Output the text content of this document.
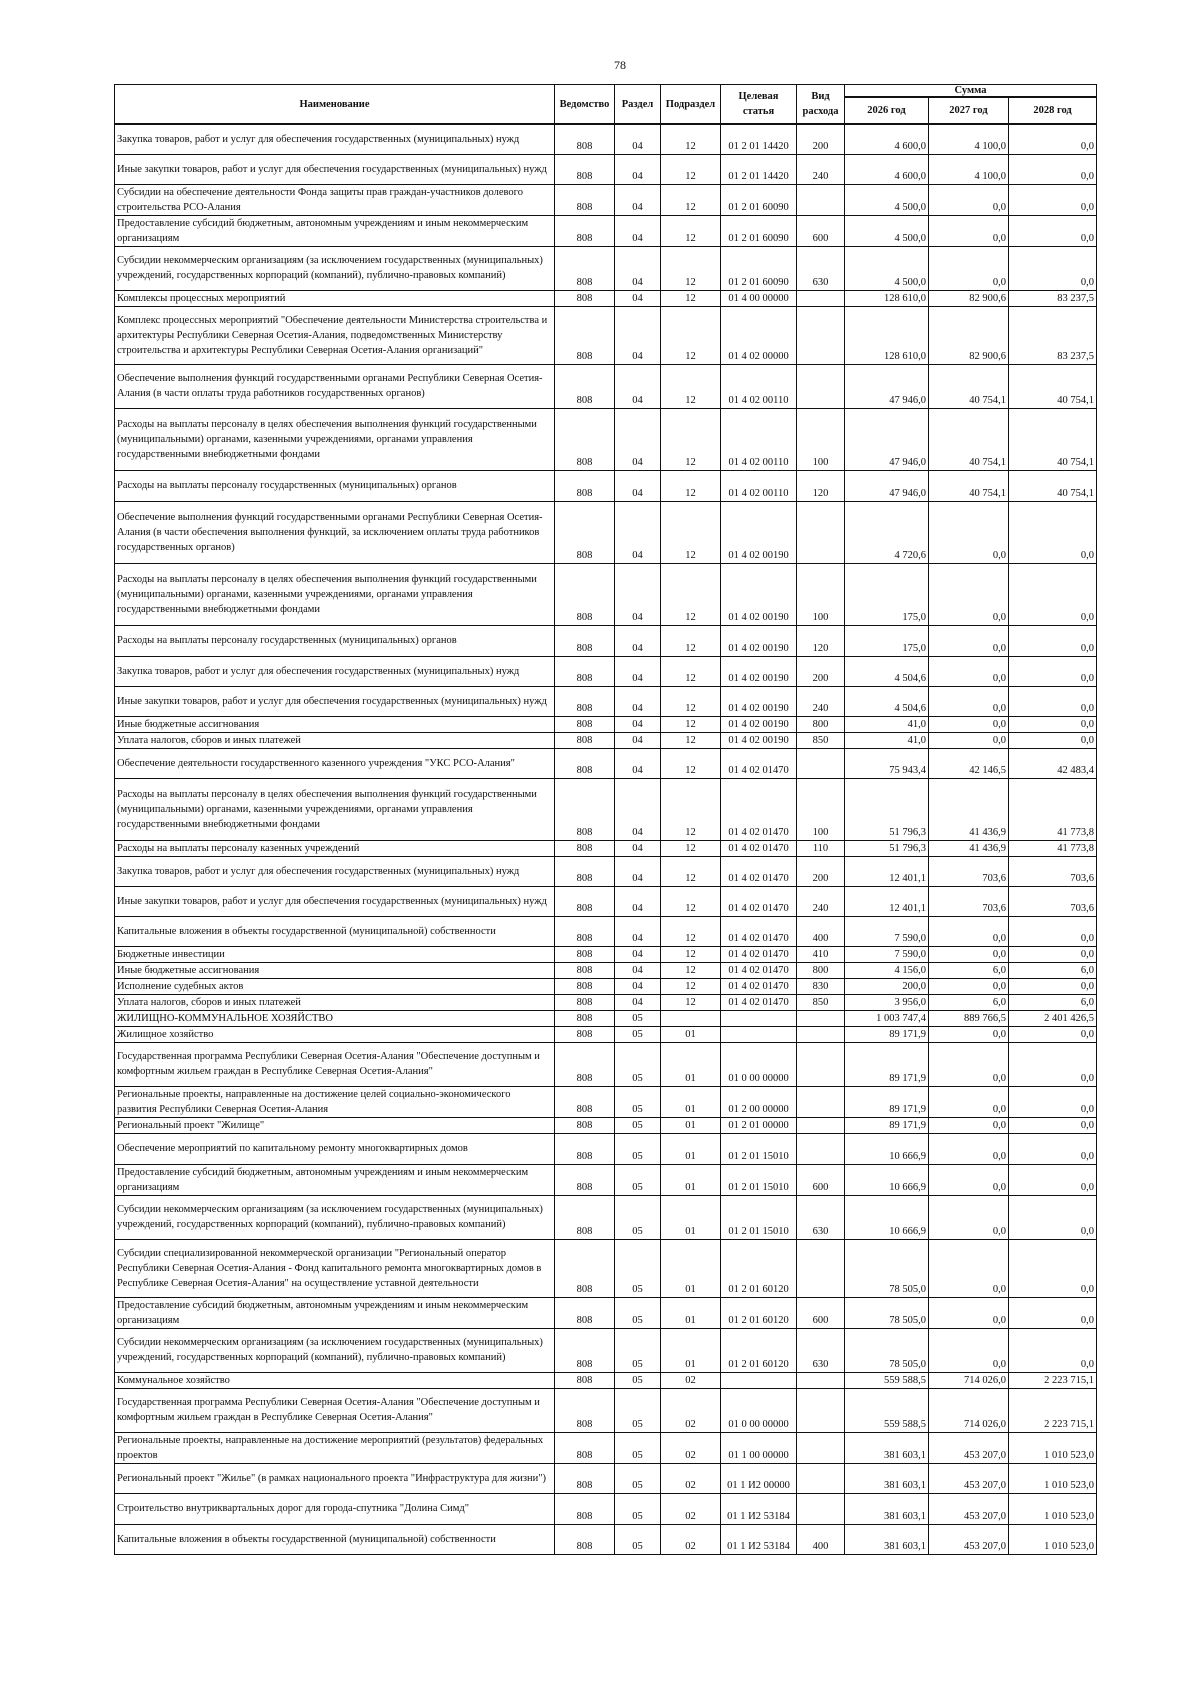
78
Наименование	Ведомство	Раздел	Подраздел	Целевая статья	Вид расхода	Сумма		
						2026 год	2027 год	2028 год
Закупка товаров, работ и услуг для обеспечения государственных (муниципальных) нужд	808	04	12	01 2 01 14420	200	4 600,0	4 100,0	0,0
Иные закупки товаров, работ и услуг для обеспечения государственных (муниципальных) нужд	808	04	12	01 2 01 14420	240	4 600,0	4 100,0	0,0
Субсидии на обеспечение деятельности Фонда защиты прав граждан-участников долевого строительства РСО-Алания	808	04	12	01 2 01 60090		4 500,0	0,0	0,0
Предоставление субсидий бюджетным, автономным учреждениям и иным некоммерческим организациям	808	04	12	01 2 01 60090	600	4 500,0	0,0	0,0
Субсидии некоммерческим организациям (за исключением государственных (муниципальных) учреждений, государственных корпораций (компаний), публично-правовых компаний)	808	04	12	01 2 01 60090	630	4 500,0	0,0	0,0
Комплексы процессных мероприятий	808	04	12	01 4 00 00000		128 610,0	82 900,6	83 237,5
Комплекс процессных мероприятий "Обеспечение деятельности Министерства строительства и архитектуры Республики Северная Осетия-Алания, подведомственных Министерству строительства и архитектуры Республики Северная Осетия-Алания организаций"	808	04	12	01 4 02 00000		128 610,0	82 900,6	83 237,5
Обеспечение выполнения функций государственными органами Республики Северная Осетия-Алания (в части оплаты труда работников государственных органов)	808	04	12	01 4 02 00110		47 946,0	40 754,1	40 754,1
Расходы на выплаты персоналу в целях обеспечения выполнения функций государственными (муниципальными) органами, казенными учреждениями, органами управления государственными внебюджетными фондами	808	04	12	01 4 02 00110	100	47 946,0	40 754,1	40 754,1
Расходы на выплаты персоналу государственных (муниципальных) органов	808	04	12	01 4 02 00110	120	47 946,0	40 754,1	40 754,1
Обеспечение выполнения функций государственными органами Республики Северная Осетия-Алания (в части обеспечения выполнения функций, за исключением оплаты труда работников государственных органов)	808	04	12	01 4 02 00190		4 720,6	0,0	0,0
Расходы на выплаты персоналу в целях обеспечения выполнения функций государственными (муниципальными) органами, казенными учреждениями, органами управления государственными внебюджетными фондами	808	04	12	01 4 02 00190	100	175,0	0,0	0,0
Расходы на выплаты персоналу государственных (муниципальных) органов	808	04	12	01 4 02 00190	120	175,0	0,0	0,0
Закупка товаров, работ и услуг для обеспечения государственных (муниципальных) нужд	808	04	12	01 4 02 00190	200	4 504,6	0,0	0,0
Иные закупки товаров, работ и услуг для обеспечения государственных (муниципальных) нужд	808	04	12	01 4 02 00190	240	4 504,6	0,0	0,0
Иные бюджетные ассигнования	808	04	12	01 4 02 00190	800	41,0	0,0	0,0
Уплата налогов, сборов и иных платежей	808	04	12	01 4 02 00190	850	41,0	0,0	0,0
Обеспечение деятельности государственного казенного учреждения "УКС РСО-Алания"	808	04	12	01 4 02 01470		75 943,4	42 146,5	42 483,4
Расходы на выплаты персоналу в целях обеспечения выполнения функций государственными (муниципальными) органами, казенными учреждениями, органами управления государственными внебюджетными фондами	808	04	12	01 4 02 01470	100	51 796,3	41 436,9	41 773,8
Расходы на выплаты персоналу казенных учреждений	808	04	12	01 4 02 01470	110	51 796,3	41 436,9	41 773,8
Закупка товаров, работ и услуг для обеспечения государственных (муниципальных) нужд	808	04	12	01 4 02 01470	200	12 401,1	703,6	703,6
Иные закупки товаров, работ и услуг для обеспечения государственных (муниципальных) нужд	808	04	12	01 4 02 01470	240	12 401,1	703,6	703,6
Капитальные вложения в объекты государственной (муниципальной) собственности	808	04	12	01 4 02 01470	400	7 590,0	0,0	0,0
Бюджетные инвестиции	808	04	12	01 4 02 01470	410	7 590,0	0,0	0,0
Иные бюджетные ассигнования	808	04	12	01 4 02 01470	800	4 156,0	6,0	6,0
Исполнение судебных актов	808	04	12	01 4 02 01470	830	200,0	0,0	0,0
Уплата налогов, сборов и иных платежей	808	04	12	01 4 02 01470	850	3 956,0	6,0	6,0
ЖИЛИЩНО-КОММУНАЛЬНОЕ ХОЗЯЙСТВО	808	05				1 003 747,4	889 766,5	2 401 426,5
Жилищное хозяйство	808	05	01			89 171,9	0,0	0,0
Государственная программа Республики Северная Осетия-Алания "Обеспечение доступным и комфортным жильем граждан в Республике Северная Осетия-Алания"	808	05	01	01 0 00 00000		89 171,9	0,0	0,0
Региональные проекты, направленные на достижение целей социально-экономического развития Республики Северная Осетия-Алания	808	05	01	01 2 00 00000		89 171,9	0,0	0,0
Региональный проект "Жилище"	808	05	01	01 2 01 00000		89 171,9	0,0	0,0
Обеспечение мероприятий по капитальному ремонту многоквартирных домов	808	05	01	01 2 01 15010		10 666,9	0,0	0,0
Предоставление субсидий бюджетным, автономным учреждениям и иным некоммерческим организациям	808	05	01	01 2 01 15010	600	10 666,9	0,0	0,0
Субсидии некоммерческим организациям (за исключением государственных (муниципальных) учреждений, государственных корпораций (компаний), публично-правовых компаний)	808	05	01	01 2 01 15010	630	10 666,9	0,0	0,0
Субсидии специализированной некоммерческой организации "Региональный оператор Республики Северная Осетия-Алания - Фонд капитального ремонта многоквартирных домов в Республике Северная Осетия-Алания" на осуществление уставной деятельности	808	05	01	01 2 01 60120		78 505,0	0,0	0,0
Предоставление субсидий бюджетным, автономным учреждениям и иным некоммерческим организациям	808	05	01	01 2 01 60120	600	78 505,0	0,0	0,0
Субсидии некоммерческим организациям (за исключением государственных (муниципальных) учреждений, государственных корпораций (компаний), публично-правовых компаний)	808	05	01	01 2 01 60120	630	78 505,0	0,0	0,0
Коммунальное хозяйство	808	05	02			559 588,5	714 026,0	2 223 715,1
Государственная программа Республики Северная Осетия-Алания "Обеспечение доступным и комфортным жильем граждан в Республике Северная Осетия-Алания"	808	05	02	01 0 00 00000		559 588,5	714 026,0	2 223 715,1
Региональные проекты, направленные на достижение мероприятий (результатов) федеральных проектов	808	05	02	01 1 00 00000		381 603,1	453 207,0	1 010 523,0
Региональный проект "Жилье" (в рамках национального проекта "Инфраструктура для жизни")	808	05	02	01 1 И2 00000		381 603,1	453 207,0	1 010 523,0
Строительство внутриквартальных дорог для города-спутника "Долина Симд"	808	05	02	01 1 И2 53184		381 603,1	453 207,0	1 010 523,0
Капитальные вложения в объекты государственной (муниципальной) собственности	808	05	02	01 1 И2 53184	400	381 603,1	453 207,0	1 010 523,0
